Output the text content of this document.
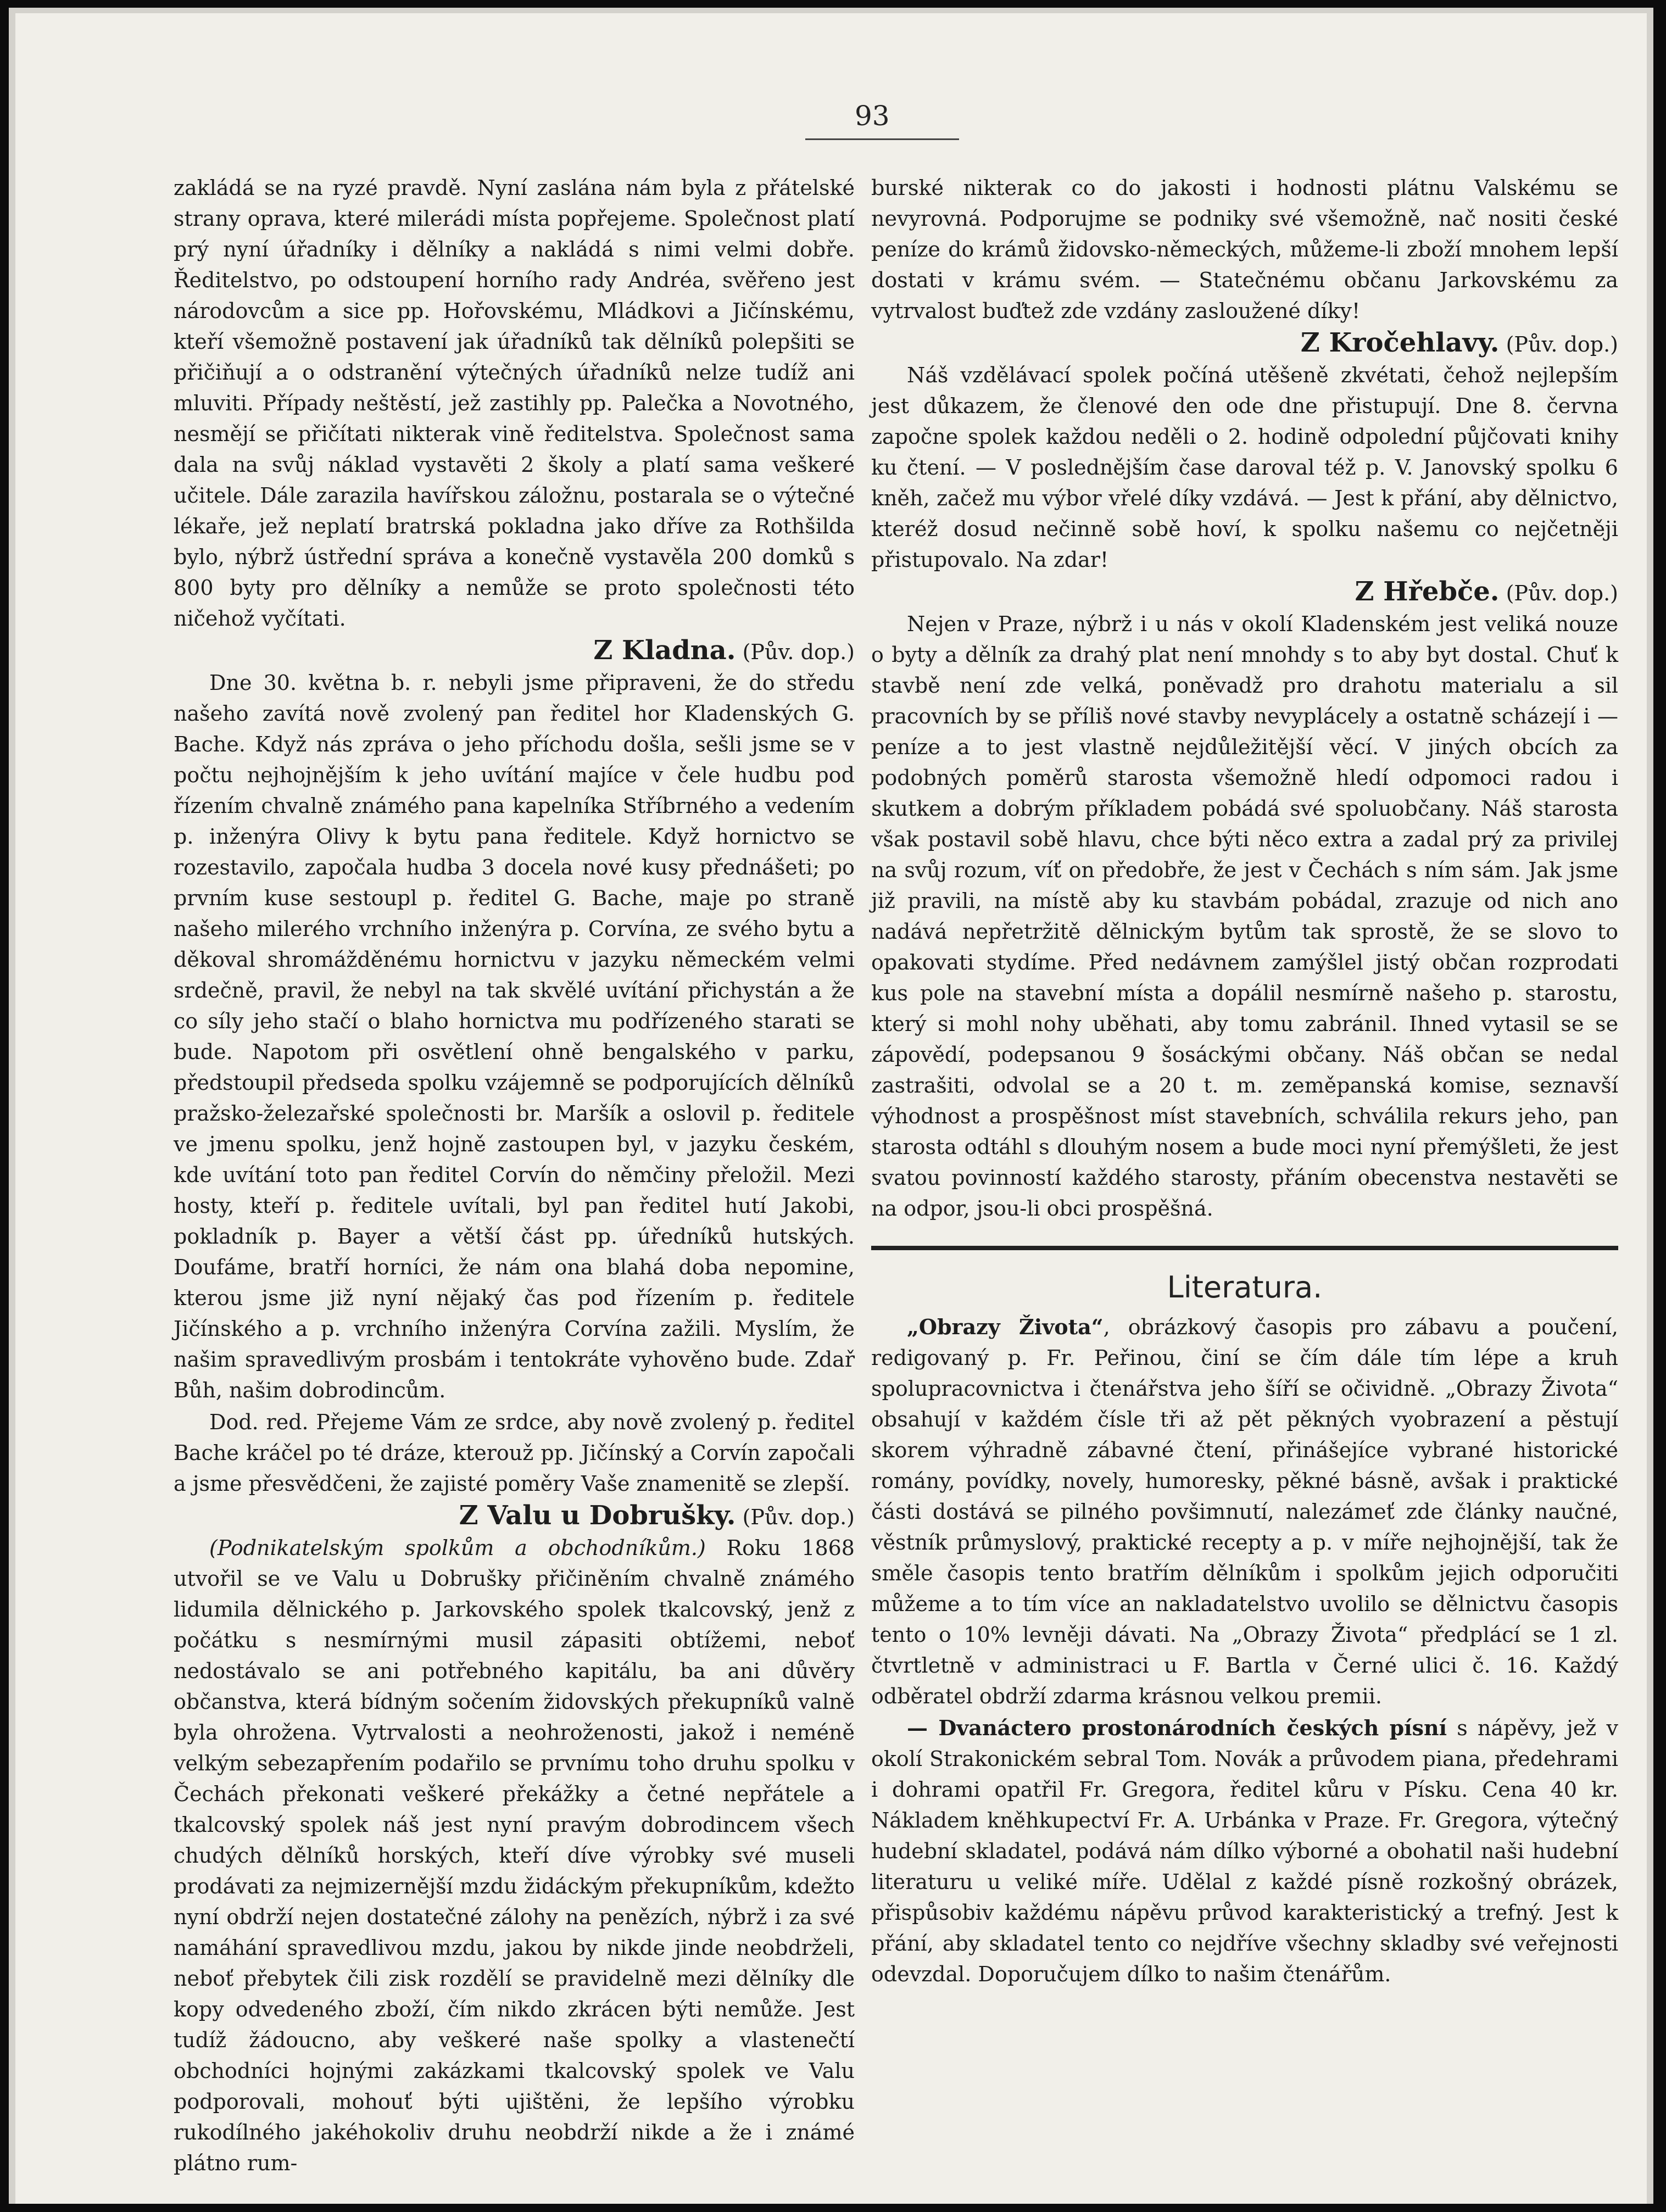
93

zakládá se na ryzé pravdě. Nyní zaslána nám byla z přátelské strany oprava, které milerádi místa popřejeme. Společnost platí prý nyní úřadníky i dělníky a nakládá s nimi velmi dobře. Ředitelstvo, po odstoupení horního rady Andréa, svěřeno jest národovcům a sice pp. Hořovskému, Mládkovi a Jičínskému, kteří všemožně postavení jak úřadníků tak dělníků polepšiti se přičiňují a o odstranění výtečných úřadníků nelze tudíž ani mluviti. Případy neštěstí, jež zastihly pp. Palečka a Novotného, nesmějí se přičítati nikterak vině ředitelstva. Společnost sama dala na svůj náklad vystavěti 2 školy a platí sama veškeré učitele. Dále zarazila havířskou záložnu, postarala se o výtečné lékaře, jež neplatí bratrská pokladna jako dříve za Rothšilda bylo, nýbrž ústřední správa a konečně vystavěla 200 domků s 800 byty pro dělníky a nemůže se proto společnosti této ničehož vyčítati.

Z Kladna. (Pův. dop.)

Dne 30. května b. r. nebyli jsme připraveni, že do středu našeho zavítá nově zvolený pan ředitel hor Kladenských G. Bache. Když nás zpráva o jeho příchodu došla, sešli jsme se v počtu nejhojnějším k jeho uvítání majíce v čele hudbu pod řízením chvalně známého pana kapelníka Stříbrného a vedením p. inženýra Olivy k bytu pana ředitele. Když hornictvo se rozestavilo, započala hudba 3 docela nové kusy přednášeti; po prvním kuse sestoupl p. ředitel G. Bache, maje po straně našeho milerého vrchního inženýra p. Corvína, ze svého bytu a děkoval shromážděnému hornictvu v jazyku německém velmi srdečně, pravil, že nebyl na tak skvělé uvítání přichystán a že co síly jeho stačí o blaho hornictva mu podřízeného starati se bude. Napotom při osvětlení ohně bengalského v parku, předstoupil předseda spolku vzájemně se podporujících dělníků pražsko-železařské společnosti br. Maršík a oslovil p. ředitele ve jmenu spolku, jenž hojně zastoupen byl, v jazyku českém, kde uvítání toto pan ředitel Corvín do němčiny přeložil. Mezi hosty, kteří p. ředitele uvítali, byl pan ředitel hutí Jakobi, pokladník p. Bayer a větší část pp. úředníků hutských. Doufáme, bratří horníci, že nám ona blahá doba nepomine, kterou jsme již nyní nějaký čas pod řízením p. ředitele Jičínského a p. vrchního inženýra Corvína zažili. Myslím, že našim spravedlivým prosbám i tentokráte vyhověno bude. Zdař Bůh, našim dobrodincům.

Dod. red. Přejeme Vám ze srdce, aby nově zvolený p. ředitel Bache kráčel po té dráze, kterouž pp. Jičínský a Corvín započali a jsme přesvědčeni, že zajisté poměry Vaše znamenitě se zlepší.

Z Valu u Dobrušky. (Pův. dop.)

(Podnikatelským spolkům a obchodníkům.) Roku 1868 utvořil se ve Valu u Dobrušky přičiněním chvalně známého lidumila dělnického p. Jarkovského spolek tkalcovský, jenž z počátku s nesmírnými musil zápasiti obtížemi, neboť nedostávalo se ani potřebného kapitálu, ba ani důvěry občanstva, která bídným sočením židovských překupníků valně byla ohrožena. Vytrvalosti a neohroženosti, jakož i neméně velkým sebezapřením podařilo se prvnímu toho druhu spolku v Čechách překonati veškeré překážky a četné nepřátele a tkalcovský spolek náš jest nyní pravým dobrodincem všech chudých dělníků horských, kteří díve výrobky své museli prodávati za nejmizernější mzdu židáckým překupníkům, kdežto nyní obdrží nejen dostatečné zálohy na penězích, nýbrž i za své namáhání spravedlivou mzdu, jakou by nikde jinde neobdrželi, neboť přebytek čili zisk rozdělí se pravidelně mezi dělníky dle kopy odvedeného zboží, čím nikdo zkrácen býti nemůže. Jest tudíž žádoucno, aby veškeré naše spolky a vlastenečtí obchodníci hojnými zakázkami tkalcovský spolek ve Valu podporovali, mohouť býti ujištěni, že lepšího výrobku rukodílného jakéhokoliv druhu neobdrží nikde a že i známé plátno rum-

burské nikterak co do jakosti i hodnosti plátnu Valskému se nevyrovná. Podporujme se podniky své všemožně, nač nositi české peníze do krámů židovsko-německých, můžeme-li zboží mnohem lepší dostati v krámu svém. — Statečnému občanu Jarkovskému za vytrvalost buďtež zde vzdány zasloužené díky!

Z Kročehlavy. (Pův. dop.)

Náš vzdělávací spolek počíná utěšeně zkvétati, čehož nejlepším jest důkazem, že členové den ode dne přistupují. Dne 8. června započne spolek každou neděli o 2. hodině odpolední půjčovati knihy ku čtení. — V poslednějším čase daroval též p. V. Janovský spolku 6 kněh, začež mu výbor vřelé díky vzdává. — Jest k přání, aby dělnictvo, kteréž dosud nečinně sobě hoví, k spolku našemu co nejčetněji přistupovalo. Na zdar!

Z Hřebče. (Pův. dop.)

Nejen v Praze, nýbrž i u nás v okolí Kladenském jest veliká nouze o byty a dělník za drahý plat není mnohdy s to aby byt dostal. Chuť k stavbě není zde velká, poněvadž pro drahotu materialu a sil pracovních by se příliš nové stavby nevyplácely a ostatně scházejí i — peníze a to jest vlastně nejdůležitější věcí. V jiných obcích za podobných poměrů starosta všemožně hledí odpomoci radou i skutkem a dobrým příkladem pobádá své spoluobčany. Náš starosta však postavil sobě hlavu, chce býti něco extra a zadal prý za privilej na svůj rozum, víť on předobře, že jest v Čechách s ním sám. Jak jsme již pravili, na místě aby ku stavbám pobádal, zrazuje od nich ano nadává nepřetržitě dělnickým bytům tak sprostě, že se slovo to opakovati stydíme. Před nedávnem zamýšlel jistý občan rozprodati kus pole na stavební místa a dopálil nesmírně našeho p. starostu, který si mohl nohy uběhati, aby tomu zabránil. Ihned vytasil se se zápovědí, podepsanou 9 šosáckými občany. Náš občan se nedal zastrašiti, odvolal se a 20 t. m. zeměpanská komise, seznavší výhodnost a prospěšnost míst stavebních, schválila rekurs jeho, pan starosta odtáhl s dlouhým nosem a bude moci nyní přemýšleti, že jest svatou povinností každého starosty, přáním obecenstva nestavěti se na odpor, jsou-li obci prospěšná.

Literatura.

„Obrazy Života“, obrázkový časopis pro zábavu a poučení, redigovaný p. Fr. Peřinou, činí se čím dále tím lépe a kruh spolupracovnictva i čtenářstva jeho šíří se očividně. „Obrazy Života“ obsahují v každém čísle tři až pět pěkných vyobrazení a pěstují skorem výhradně zábavné čtení, přinášejíce vybrané historické romány, povídky, novely, humoresky, pěkné básně, avšak i praktické části dostává se pilného povšimnutí, nalezámeť zde články naučné, věstník průmyslový, praktické recepty a p. v míře nejhojnější, tak že směle časopis tento bratřím dělníkům i spolkům jejich odporučiti můžeme a to tím více an nakladatelstvo uvolilo se dělnictvu časopis tento o 10% levněji dávati. Na „Obrazy Života“ předplácí se 1 zl. čtvrtletně v administraci u F. Bartla v Černé ulici č. 16. Každý odběratel obdrží zdarma krásnou velkou premii.

— Dvanáctero prostonárodních českých písní s nápěvy, jež v okolí Strakonickém sebral Tom. Novák a průvodem piana, předehrami i dohrami opatřil Fr. Gregora, ředitel kůru v Písku. Cena 40 kr. Nákladem kněhkupectví Fr. A. Urbánka v Praze. Fr. Gregora, výtečný hudební skladatel, podává nám dílko výborné a obohatil naši hudební literaturu u veliké míře. Udělal z každé písně rozkošný obrázek, přispůsobiv každému nápěvu průvod karakteristický a trefný. Jest k přání, aby skladatel tento co nejdříve všechny skladby své veřejnosti odevzdal. Doporučujem dílko to našim čtenářům.
